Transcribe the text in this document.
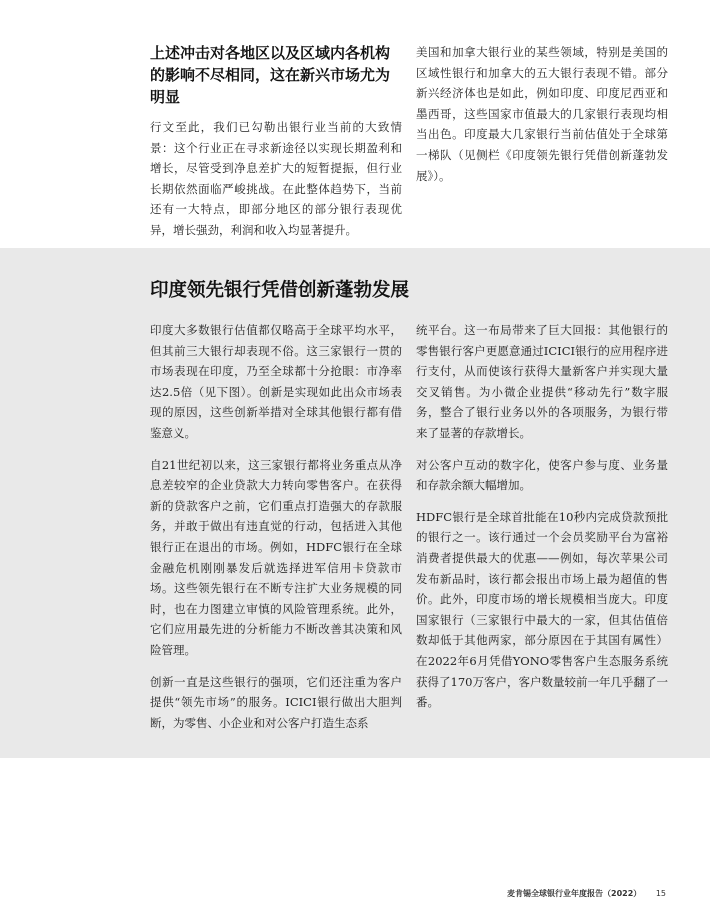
上述冲击对各地区以及区域内各机构的影响不尽相同，这在新兴市场尤为明显

行文至此，我们已勾勒出银行业当前的大致情景：这个行业正在寻求新途径以实现长期盈利和增长，尽管受到净息差扩大的短暂提振，但行业长期依然面临严峻挑战。在此整体趋势下，当前还有一大特点，即部分地区的部分银行表现优异，增长强劲，利润和收入均显著提升。

美国和加拿大银行业的某些领域，特别是美国的区域性银行和加拿大的五大银行表现不错。部分新兴经济体也是如此，例如印度、印度尼西亚和墨西哥，这些国家市值最大的几家银行表现均相当出色。印度最大几家银行当前估值处于全球第一梯队（见侧栏《印度领先银行凭借创新蓬勃发展》）。

印度领先银行凭借创新蓬勃发展

印度大多数银行估值都仅略高于全球平均水平，但其前三大银行却表现不俗。这三家银行一贯的市场表现在印度，乃至全球都十分抢眼：市净率达2.5倍（见下图）。创新是实现如此出众市场表现的原因，这些创新举措对全球其他银行都有借鉴意义。

自21世纪初以来，这三家银行都将业务重点从净息差较窄的企业贷款大力转向零售客户。在获得新的贷款客户之前，它们重点打造强大的存款服务，并敢于做出有违直觉的行动，包括进入其他银行正在退出的市场。例如，HDFC银行在全球金融危机刚刚暴发后就选择进军信用卡贷款市场。这些领先银行在不断专注扩大业务规模的同时，也在力图建立审慎的风险管理系统。此外，它们应用最先进的分析能力不断改善其决策和风险管理。

创新一直是这些银行的强项，它们还注重为客户提供“领先市场”的服务。ICICI银行做出大胆判断，为零售、小企业和对公客户打造生态系

统平台。这一布局带来了巨大回报：其他银行的零售银行客户更愿意通过ICICI银行的应用程序进行支付，从而使该行获得大量新客户并实现大量交叉销售。为小微企业提供“移动先行”数字服务，整合了银行业务以外的各项服务，为银行带来了显著的存款增长。

对公客户互动的数字化，使客户参与度、业务量和存款余额大幅增加。

HDFC银行是全球首批能在10秒内完成贷款预批的银行之一。该行通过一个会员奖励平台为富裕消费者提供最大的优惠——例如，每次苹果公司发布新品时，该行都会报出市场上最为超值的售价。此外，印度市场的增长规模相当庞大。印度国家银行（三家银行中最大的一家，但其估值倍数却低于其他两家，部分原因在于其国有属性）在2022年6月凭借YONO零售客户生态服务系统获得了170万客户，客户数量较前一年几乎翻了一番。

麦肯锡全球银行业年度报告（2022） 15
